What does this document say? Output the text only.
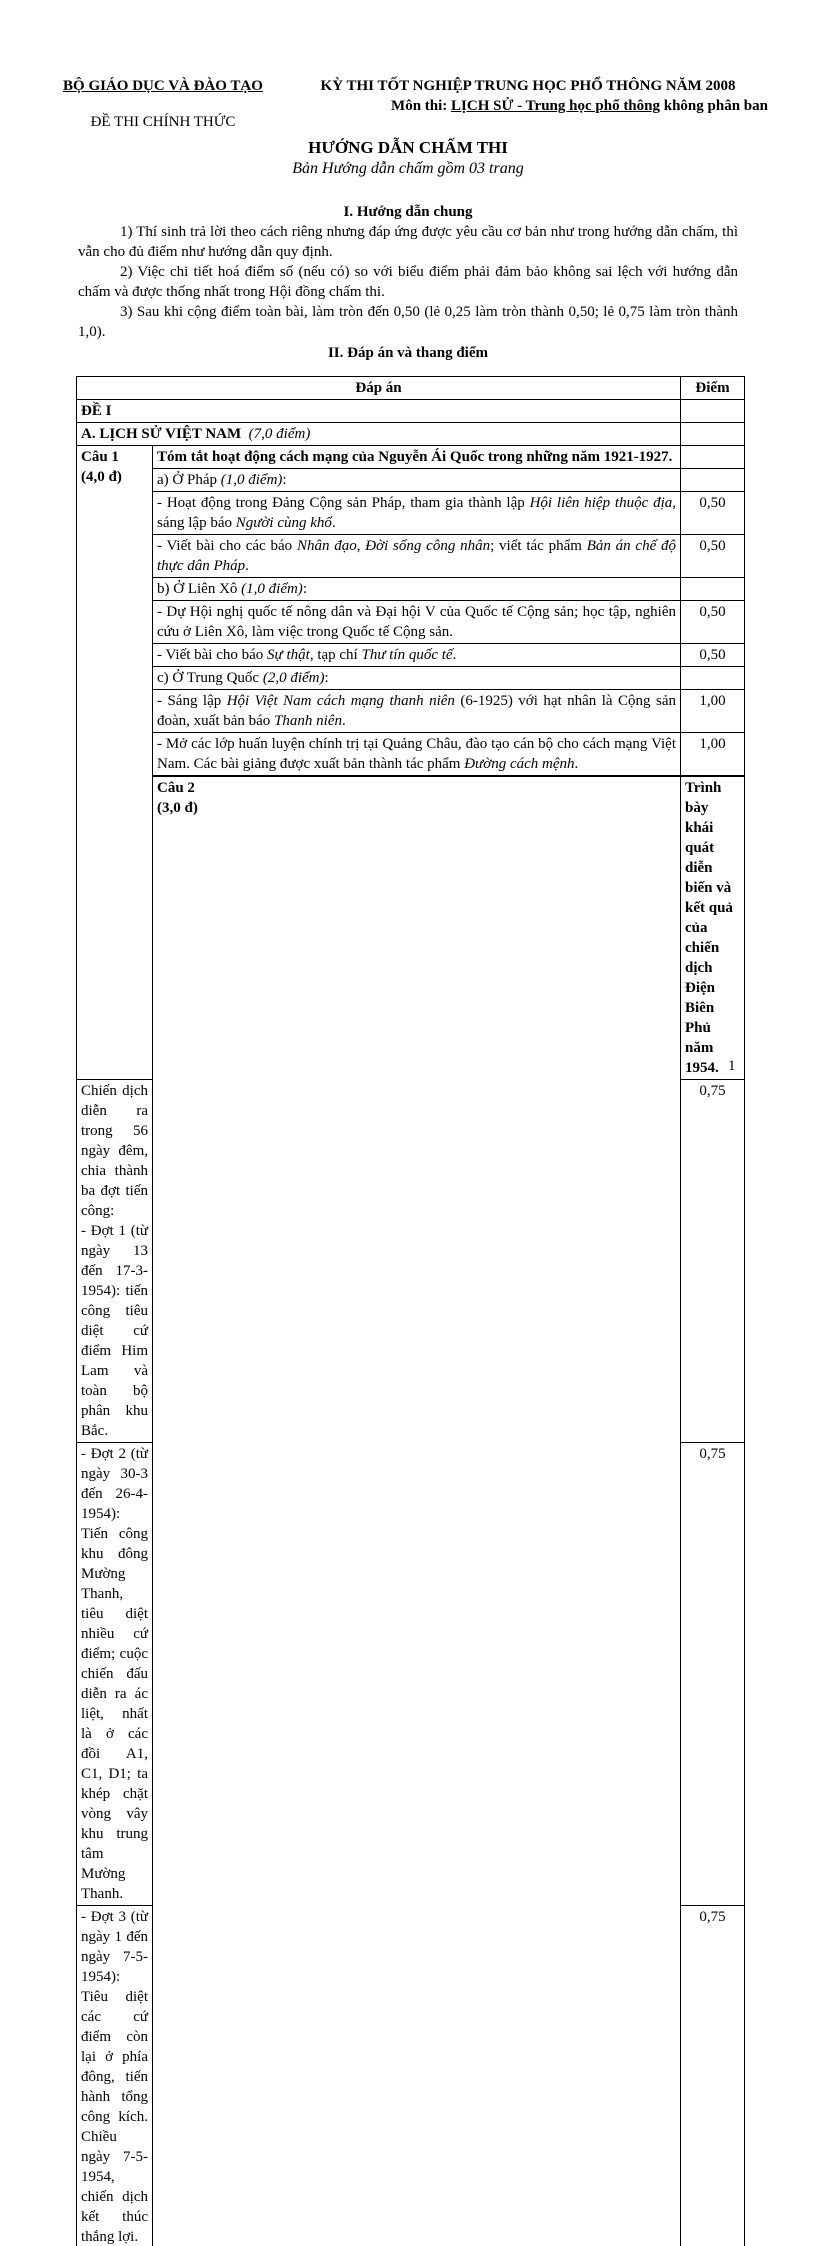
BỘ GIÁO DỤC VÀ ĐÀO TẠO
ĐỀ THI CHÍNH THỨC
KỲ THI TỐT NGHIỆP TRUNG HỌC PHỔ THÔNG NĂM 2008
Môn thi: LỊCH SỬ - Trung học phổ thông không phân ban
HƯỚNG DẪN CHẤM THI
Bản Hướng dẫn chấm gồm 03 trang
I. Hướng dẫn chung
1) Thí sinh trả lời theo cách riêng nhưng đáp ứng được yêu cầu cơ bản như trong hướng dẫn chấm, thì vẫn cho đủ điểm như hướng dẫn quy định.
2) Việc chi tiết hoá điểm số (nếu có) so với biểu điểm phải đảm bảo không sai lệch với hướng dẫn chấm và được thống nhất trong Hội đồng chấm thi.
3) Sau khi cộng điểm toàn bài, làm tròn đến 0,50 (lẻ 0,25 làm tròn thành 0,50; lẻ 0,75 làm tròn thành 1,0).
II. Đáp án và thang điểm
Đáp án		Điểm	
ĐỀ I			
A. LỊCH SỬ VIỆT NAM (7,0 điểm)			

Câu 1
(4,0 đ)	Tóm tắt hoạt động cách mạng của Nguyễn Ái Quốc trong những năm 1921-1927.		
	a) Ở Pháp (1,0 điểm):		
	- Hoạt động trong Đảng Cộng sản Pháp, tham gia thành lập Hội liên hiệp thuộc địa, sáng lập báo Người cùng khổ.	0,50	
	- Viết bài cho các báo Nhân đạo, Đời sống công nhân; viết tác phẩm Bản án chế độ thực dân Pháp.	0,50	
	b) Ở Liên Xô (1,0 điểm):		
	- Dự Hội nghị quốc tế nông dân và Đại hội V của Quốc tế Cộng sản; học tập, nghiên cứu ở Liên Xô, làm việc trong Quốc tế Cộng sản.	0,50	
	- Viết bài cho báo Sự thật, tạp chí Thư tín quốc tế.	0,50	
	c) Ở Trung Quốc (2,0 điểm):		
	- Sáng lập Hội Việt Nam cách mạng thanh niên (6-1925) với hạt nhân là Cộng sản đoàn, xuất bản báo Thanh niên.	1,00	
	- Mở các lớp huấn luyện chính trị tại Quảng Châu, đào tạo cán bộ cho cách mạng Việt Nam. Các bài giảng được xuất bản thành tác phẩm Đường cách mệnh.	1,00	

	Câu 2
(3,0 đ)	Trình bày khái quát diễn biến và kết quả của chiến dịch Điện Biên Phủ năm 1954.	

Chiến dịch diễn ra trong 56 ngày đêm, chia thành ba đợt tiến công:
- Đợt 1 (từ ngày 13 đến 17-3-1954): tiến công tiêu diệt cứ điểm Him Lam và toàn bộ phân khu Bắc.		0,75	
- Đợt 2 (từ ngày 30-3 đến 26-4-1954): Tiến công khu đông Mường Thanh, tiêu diệt nhiều cứ điểm; cuộc chiến đấu diễn ra ác liệt, nhất là ở các đồi A1, C1, D1; ta khép chặt vòng vây khu trung tâm Mường Thanh.		0,75	
- Đợt 3 (từ ngày 1 đến ngày 7-5-1954): Tiêu diệt các cứ điểm còn lại ở phía đông, tiến hành tổng công kích. Chiều ngày 7-5-1954, chiến dịch kết thúc thắng lợi.		0,75	
1
